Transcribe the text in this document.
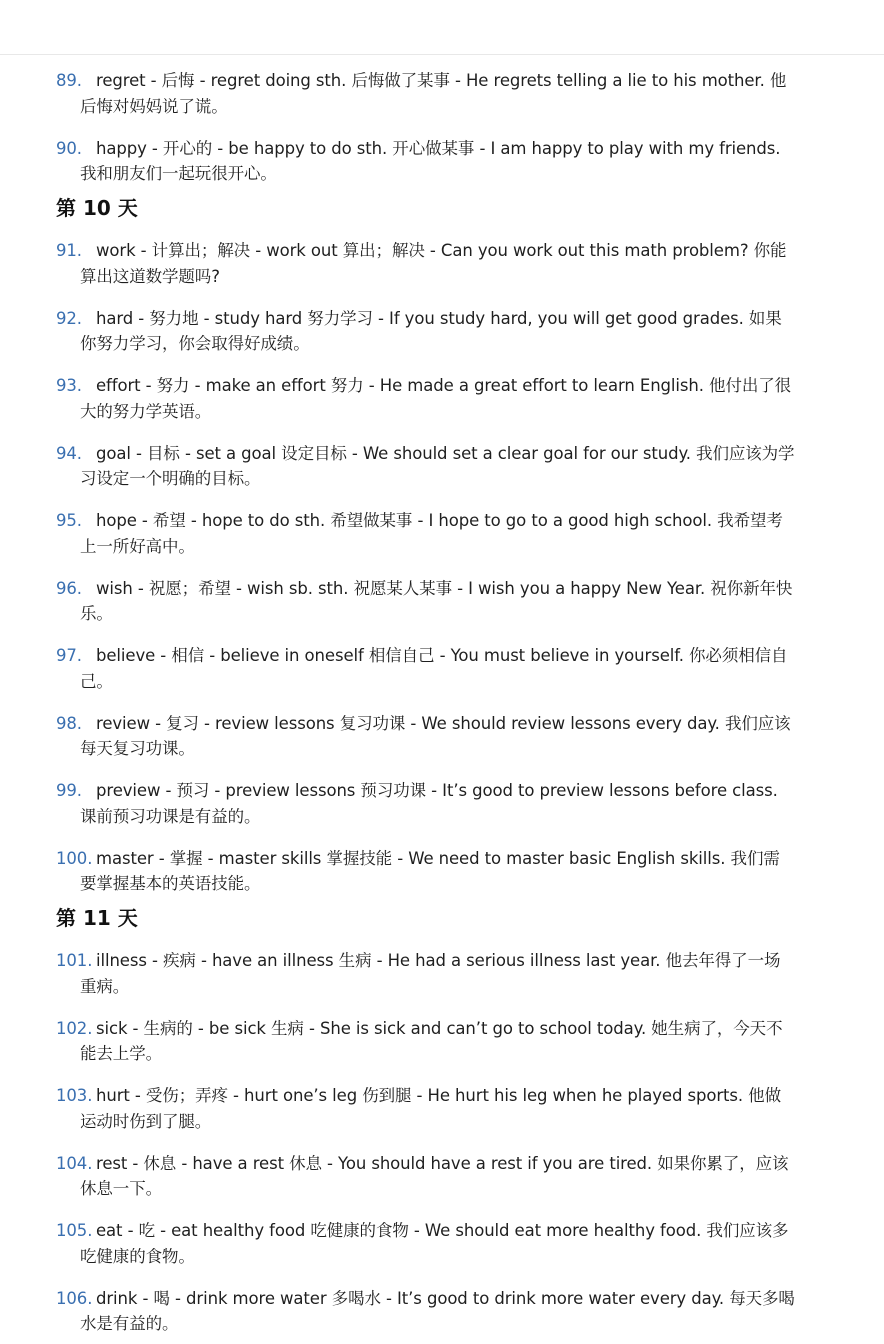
89. regret - 后悔 - regret doing sth. 后悔做了某事 - He regrets telling a lie to his mother. 他后悔对妈妈说了谎。

90. happy - 开心的 - be happy to do sth. 开心做某事 - I am happy to play with my friends. 我和朋友们一起玩很开心。

第 10 天

91. work - 计算出；解决 - work out 算出；解决 - Can you work out this math problem? 你能算出这道数学题吗?

92. hard - 努力地 - study hard 努力学习 - If you study hard, you will get good grades. 如果你努力学习，你会取得好成绩。

93. effort - 努力 - make an effort 努力 - He made a great effort to learn English. 他付出了很大的努力学英语。

94. goal - 目标 - set a goal 设定目标 - We should set a clear goal for our study. 我们应该为学习设定一个明确的目标。

95. hope - 希望 - hope to do sth. 希望做某事 - I hope to go to a good high school. 我希望考上一所好高中。

96. wish - 祝愿；希望 - wish sb. sth. 祝愿某人某事 - I wish you a happy New Year. 祝你新年快乐。

97. believe - 相信 - believe in oneself 相信自己 - You must believe in yourself. 你必须相信自己。

98. review - 复习 - review lessons 复习功课 - We should review lessons every day. 我们应该每天复习功课。

99. preview - 预习 - preview lessons 预习功课 - It’s good to preview lessons before class. 课前预习功课是有益的。

100. master - 掌握 - master skills 掌握技能 - We need to master basic English skills. 我们需要掌握基本的英语技能。

第 11 天

101. illness - 疾病 - have an illness 生病 - He had a serious illness last year. 他去年得了一场重病。

102. sick - 生病的 - be sick 生病 - She is sick and can’t go to school today. 她生病了，今天不能去上学。

103. hurt - 受伤；弄疼 - hurt one’s leg 伤到腿 - He hurt his leg when he played sports. 他做运动时伤到了腿。

104. rest - 休息 - have a rest 休息 - You should have a rest if you are tired. 如果你累了，应该休息一下。

105. eat - 吃 - eat healthy food 吃健康的食物 - We should eat more healthy food. 我们应该多吃健康的食物。

106. drink - 喝 - drink more water 多喝水 - It’s good to drink more water every day. 每天多喝水是有益的。
